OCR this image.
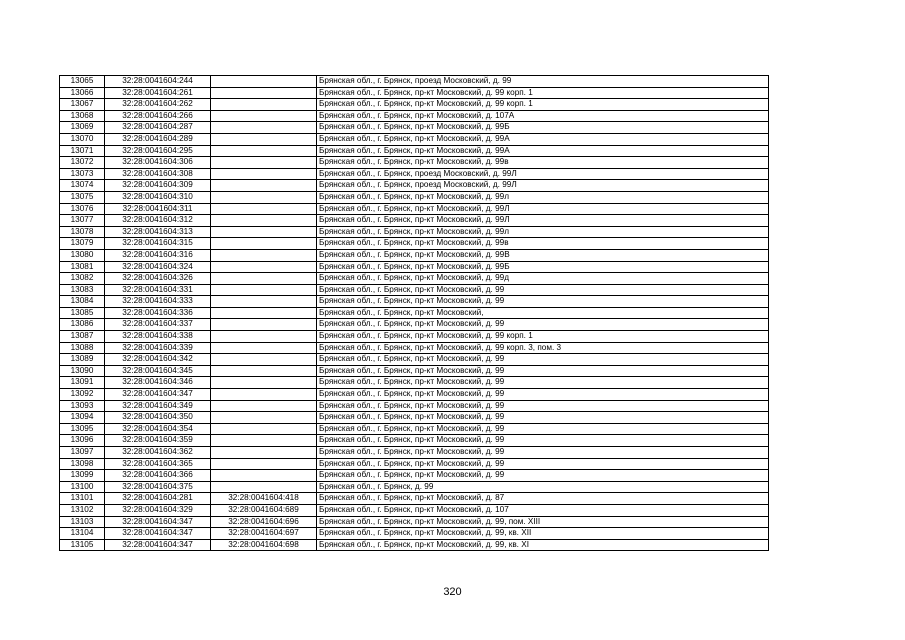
13065	32:28:0041604:244		Брянская обл., г. Брянск, проезд Московский, д. 99
13066	32:28:0041604:261		Брянская обл., г. Брянск, пр-кт Московский, д. 99 корп. 1
13067	32:28:0041604:262		Брянская обл., г. Брянск, пр-кт Московский, д. 99 корп. 1
13068	32:28:0041604:266		Брянская обл., г. Брянск, пр-кт Московский, д. 107А
13069	32:28:0041604:287		Брянская обл., г. Брянск, пр-кт Московский, д. 99Б
13070	32:28:0041604:289		Брянская обл., г. Брянск, пр-кт Московский, д. 99А
13071	32:28:0041604:295		Брянская обл., г. Брянск, пр-кт Московский, д. 99А
13072	32:28:0041604:306		Брянская обл., г. Брянск, пр-кт Московский, д. 99в
13073	32:28:0041604:308		Брянская обл., г. Брянск, проезд Московский, д. 99Л
13074	32:28:0041604:309		Брянская обл., г. Брянск, проезд Московский, д. 99Л
13075	32:28:0041604:310		Брянская обл., г. Брянск, пр-кт Московский, д. 99л
13076	32:28:0041604:311		Брянская обл., г. Брянск, пр-кт Московский, д. 99Л
13077	32:28:0041604:312		Брянская обл., г. Брянск, пр-кт Московский, д. 99Л
13078	32:28:0041604:313		Брянская обл., г. Брянск, пр-кт Московский, д. 99л
13079	32:28:0041604:315		Брянская обл., г. Брянск, пр-кт Московский, д. 99в
13080	32:28:0041604:316		Брянская обл., г. Брянск, пр-кт Московский, д. 99В
13081	32:28:0041604:324		Брянская обл., г. Брянск, пр-кт Московский, д. 99Б
13082	32:28:0041604:326		Брянская обл., г. Брянск, пр-кт Московский, д. 99д
13083	32:28:0041604:331		Брянская обл., г. Брянск, пр-кт Московский, д. 99
13084	32:28:0041604:333		Брянская обл., г. Брянск, пр-кт Московский, д. 99
13085	32:28:0041604:336		Брянская обл., г. Брянск, пр-кт Московский,
13086	32:28:0041604:337		Брянская обл., г. Брянск, пр-кт Московский, д. 99
13087	32:28:0041604:338		Брянская обл., г. Брянск, пр-кт Московский, д. 99 корп. 1
13088	32:28:0041604:339		Брянская обл., г. Брянск, пр-кт Московский, д. 99 корп. 3, пом. 3
13089	32:28:0041604:342		Брянская обл., г. Брянск, пр-кт Московский, д. 99
13090	32:28:0041604:345		Брянская обл., г. Брянск, пр-кт Московский, д. 99
13091	32:28:0041604:346		Брянская обл., г. Брянск, пр-кт Московский, д. 99
13092	32:28:0041604:347		Брянская обл., г. Брянск, пр-кт Московский, д. 99
13093	32:28:0041604:349		Брянская обл., г. Брянск, пр-кт Московский, д. 99
13094	32:28:0041604:350		Брянская обл., г. Брянск, пр-кт Московский, д. 99
13095	32:28:0041604:354		Брянская обл., г. Брянск, пр-кт Московский, д. 99
13096	32:28:0041604:359		Брянская обл., г. Брянск, пр-кт Московский, д. 99
13097	32:28:0041604:362		Брянская обл., г. Брянск, пр-кт Московский, д. 99
13098	32:28:0041604:365		Брянская обл., г. Брянск, пр-кт Московский, д. 99
13099	32:28:0041604:366		Брянская обл., г. Брянск, пр-кт Московский, д. 99
13100	32:28:0041604:375		Брянская обл., г. Брянск, д. 99
13101	32:28:0041604:281	32:28:0041604:418	Брянская обл., г. Брянск, пр-кт Московский, д. 87
13102	32:28:0041604:329	32:28:0041604:689	Брянская обл., г. Брянск, пр-кт Московский, д. 107
13103	32:28:0041604:347	32:28:0041604:696	Брянская обл., г. Брянск, пр-кт Московский, д. 99, пом. XIII
13104	32:28:0041604:347	32:28:0041604:697	Брянская обл., г. Брянск, пр-кт Московский, д. 99, кв. XII
13105	32:28:0041604:347	32:28:0041604:698	Брянская обл., г. Брянск, пр-кт Московский, д. 99, кв. XI
320
